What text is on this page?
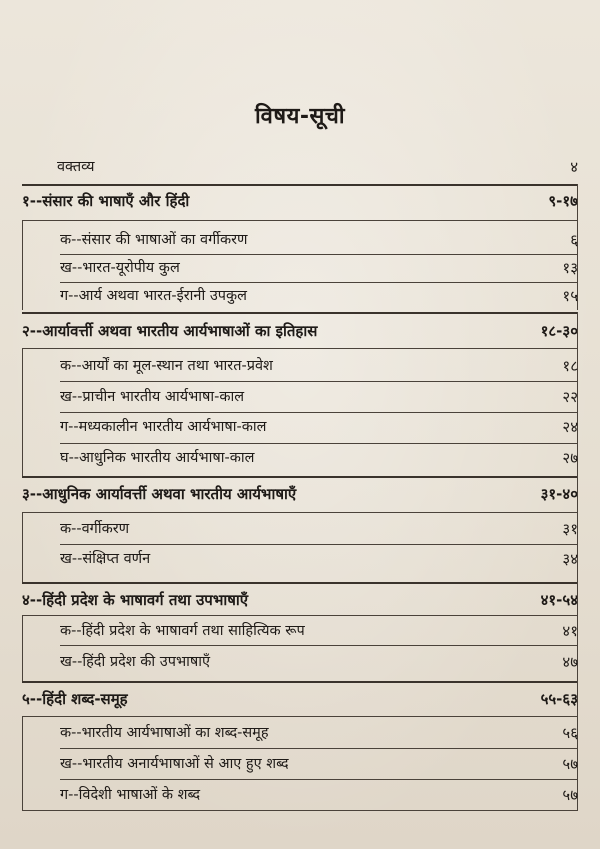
विषय-सूची
वक्तव्य	४
१--संसार की भाषाएँ और हिंदी	९-१७
क--संसार की भाषाओं का वर्गीकरण	६
ख--भारत-यूरोपीय कुल	१३
ग--आर्य अथवा भारत-ईरानी उपकुल	१५
२--आर्यावर्त्ती अथवा भारतीय आर्यभाषाओं का इतिहास	१८-३०
क--आर्यों का मूल-स्थान तथा भारत-प्रवेश	१८
ख--प्राचीन भारतीय आर्यभाषा-काल	२२
ग--मध्यकालीन भारतीय आर्यभाषा-काल	२४
घ--आधुनिक भारतीय आर्यभाषा-काल	२७
३--आधुनिक आर्यावर्त्ती अथवा भारतीय आर्यभाषाएँ	३१-४०
क--वर्गीकरण	३१
ख--संक्षिप्त वर्णन	३४
४--हिंदी प्रदेश के भाषावर्ग तथा उपभाषाएँ	४१-५४
क--हिंदी प्रदेश के भाषावर्ग तथा साहित्यिक रूप	४१
ख--हिंदी प्रदेश की उपभाषाएँ	४७
५--हिंदी शब्द-समूह	५५-६३
क--भारतीय आर्यभाषाओं का शब्द-समूह	५६
ख--भारतीय अनार्यभाषाओं से आए हुए शब्द	५७
ग--विदेशी भाषाओं के शब्द	५७
